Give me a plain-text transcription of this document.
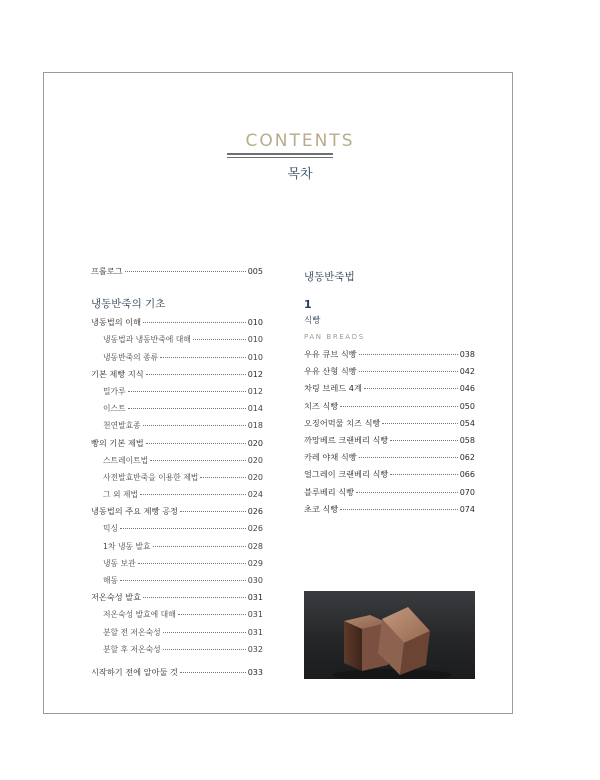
CONTENTS
목차
프롤로그	005
냉동반죽의 기초
냉동법의 이해	010
냉동법과 냉동반죽에 대해	010
냉동반죽의 종류	010
기본 제빵 지식	012
밀가루	012
이스트	014
천연발효종	018
빵의 기본 제법	020
스트레이트법	020
사전발효반죽을 이용한 제법	020
그 외 제법	024
냉동법의 주요 제빵 공정	026
믹싱	026
1차 냉동 발효	028
냉동 보관	029
해동	030
저온숙성 발효	031
저온숙성 발효에 대해	031
분할 전 저온숙성	031
분할 후 저온숙성	032
시작하기 전에 알아둘 것	033
냉동반죽법
1
식빵
PAN BREADS
우유 큐브 식빵	038
우유 산형 식빵	042
차링 브레드 4계	046
치즈 식빵	050
오징어먹물 치즈 식빵	054
까망베르 크랜베리 식빵	058
카레 야채 식빵	062
얼그레이 크랜베리 식빵	066
블루베리 식빵	070
초코 식빵	074
